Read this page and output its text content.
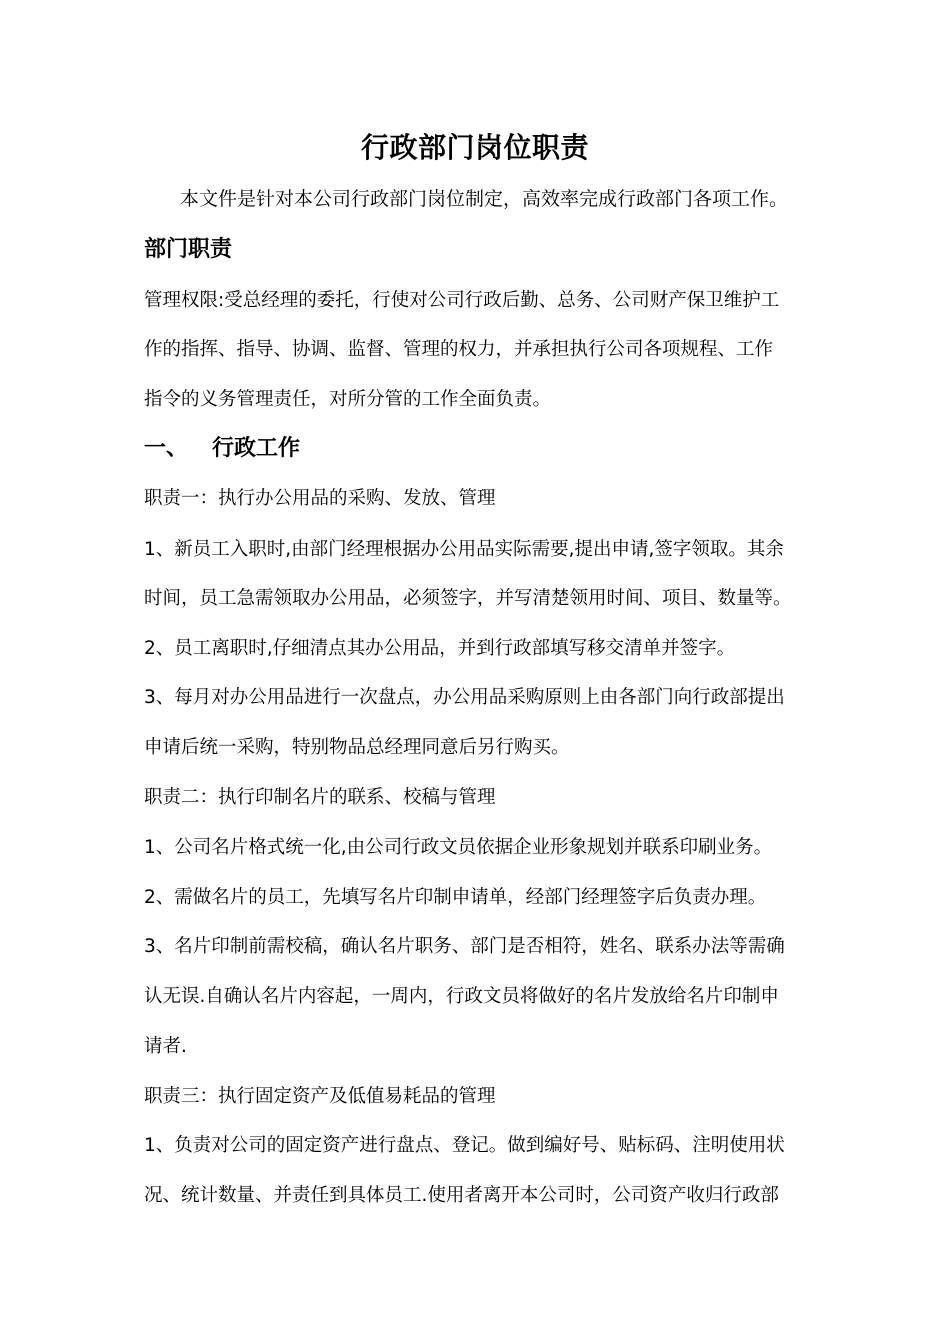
行政部门岗位职责
本文件是针对本公司行政部门岗位制定，高效率完成行政部门各项工作。
部门职责
管理权限:受总经理的委托，行使对公司行政后勤、总务、公司财产保卫维护工
作的指挥、指导、协调、监督、管理的权力，并承担执行公司各项规程、工作
指令的义务管理责任，对所分管的工作全面负责。
一、 行政工作
职责一：执行办公用品的采购、发放、管理
1、新员工入职时,由部门经理根据办公用品实际需要,提出申请,签字领取。其余
时间，员工急需领取办公用品，必须签字，并写清楚领用时间、项目、数量等。
2、员工离职时,仔细清点其办公用品，并到行政部填写移交清单并签字。
3、每月对办公用品进行一次盘点，办公用品采购原则上由各部门向行政部提出
申请后统一采购，特别物品总经理同意后另行购买。
职责二：执行印制名片的联系、校稿与管理
1、公司名片格式统一化,由公司行政文员依据企业形象规划并联系印刷业务。
2、需做名片的员工，先填写名片印制申请单，经部门经理签字后负责办理。
3、名片印制前需校稿，确认名片职务、部门是否相符，姓名、联系办法等需确
认无误.自确认名片内容起，一周内，行政文员将做好的名片发放给名片印制申
请者.
职责三：执行固定资产及低值易耗品的管理
1、负责对公司的固定资产进行盘点、登记。做到编好号、贴标码、注明使用状
况、统计数量、并责任到具体员工.使用者离开本公司时，公司资产收归行政部
